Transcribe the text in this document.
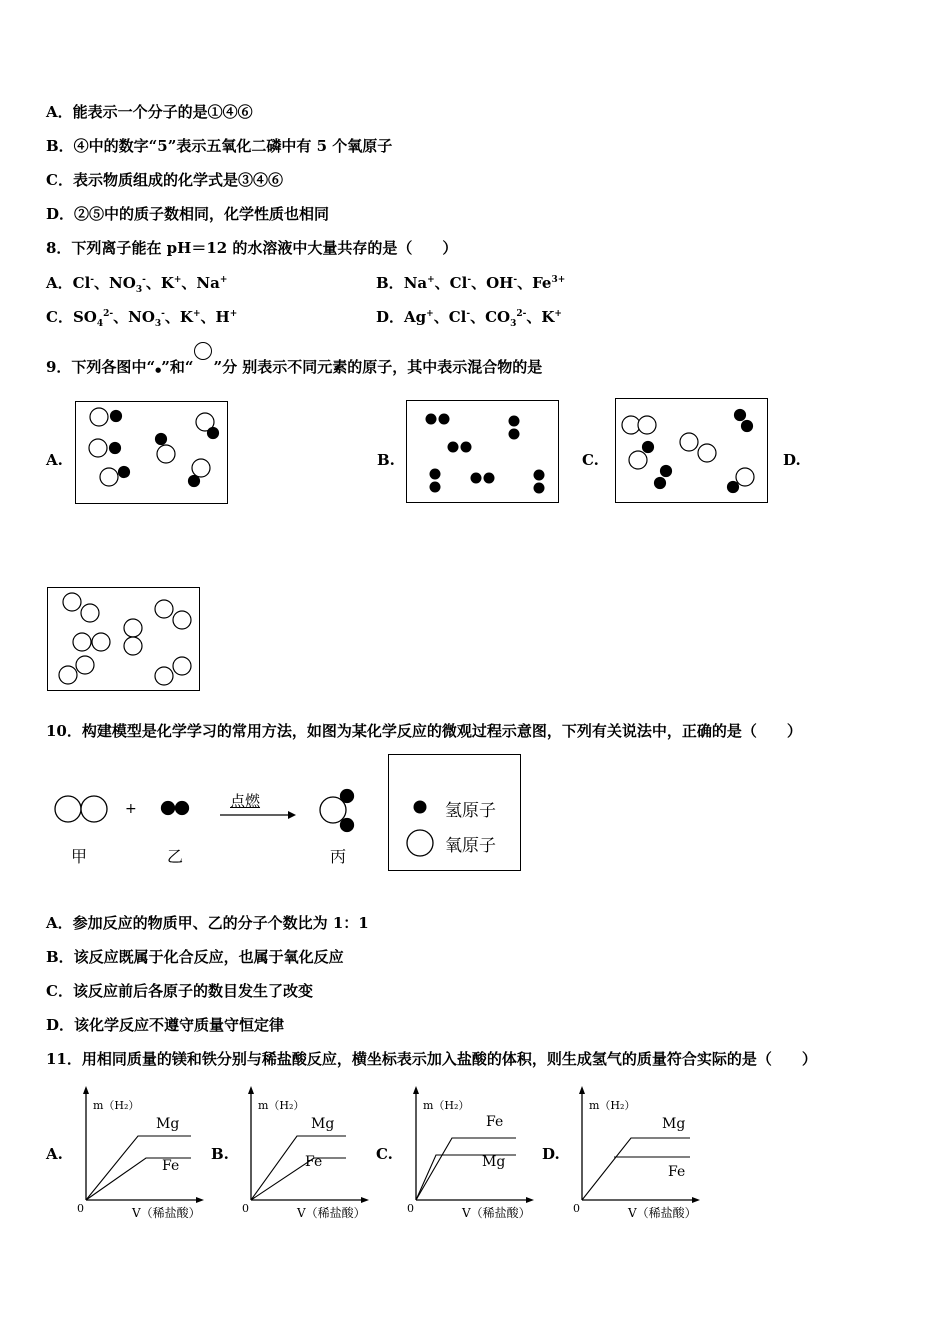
A．能表示一个分子的是①④⑥
B．④中的数字“5”表示五氧化二磷中有 5 个氧原子
C．表示物质组成的化学式是③④⑥
D．②⑤中的质子数相同，化学性质也相同
8．下列离子能在 pH＝12 的水溶液中大量共存的是（　　）
A．Cl-、$NO_3^-$、K+、Na+	B．Na+、Cl-、OH-、$Fe^{3+}$
C．$SO_4^{2-}$、$NO_3^-$、K+、H+	D．Ag+、Cl-、$CO_3^{2-}$、K+
9．下列各图中“●”和“ ”分 别表示不同元素的原子，其中表示混合物的是
A.	B.	C.	D.
10．构建模型是化学学习的常用方法，如图为某化学反应的微观过程示意图，下列有关说法中，正确的是（　　）
+	点燃
甲	乙	丙
氢原子
氧原子
A．参加反应的物质甲、乙的分子个数比为 1：1
B．该反应既属于化合反应，也属于氧化反应
C．该反应前后各原子的数目发生了改变
D．该化学反应不遵守质量守恒定律
11．用相同质量的镁和铁分别与稀盐酸反应，横坐标表示加入盐酸的体积，则生成氢气的质量符合实际的是（　　）
A.
m（H₂）
V（稀盐酸）
0
Mg
Fe
B.
m（H₂）
V（稀盐酸）
0
Mg
Fe	C.
m（H₂）
V（稀盐酸）
0
Fe
Mg D.
m（H₂）
V（稀盐酸）
0
Mg
Fe
